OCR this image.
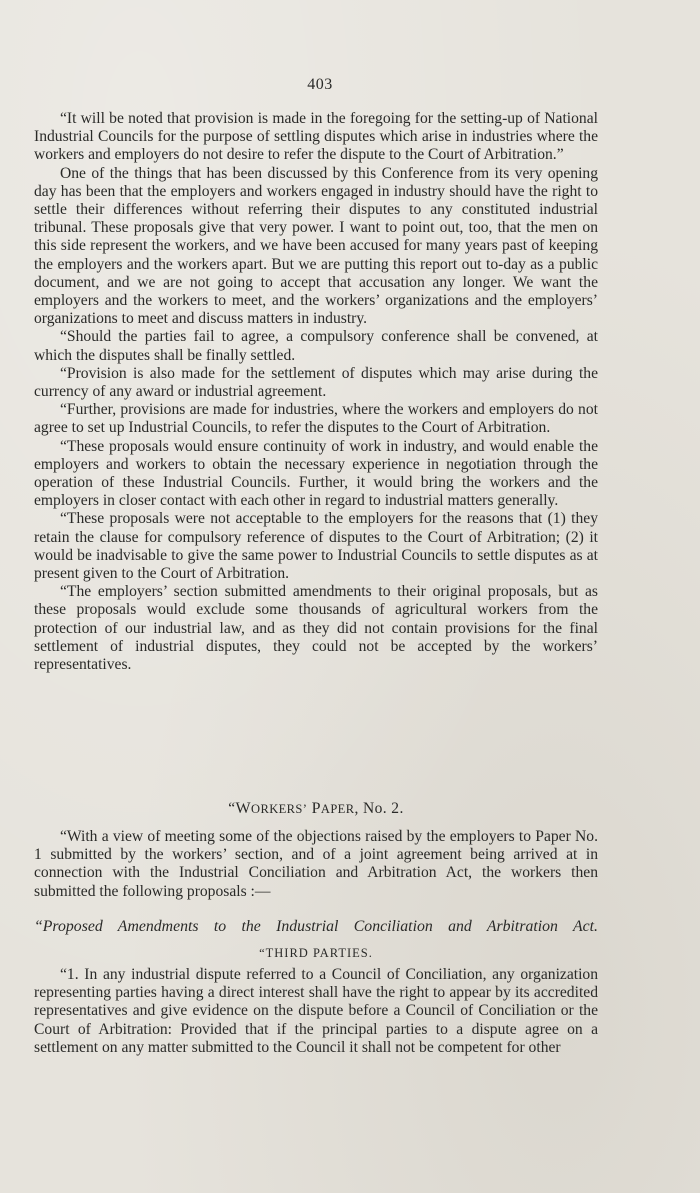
403

“It will be noted that provision is made in the foregoing for the setting-up of National Industrial Councils for the purpose of settling disputes which arise in industries where the workers and employers do not desire to refer the dispute to the Court of Arbitration.”

One of the things that has been discussed by this Conference from its very opening day has been that the employers and workers engaged in industry should have the right to settle their differences without referring their disputes to any constituted industrial tribunal. These proposals give that very power. I want to point out, too, that the men on this side represent the workers, and we have been accused for many years past of keeping the employers and the workers apart. But we are putting this report out to-day as a public document, and we are not going to accept that accusation any longer. We want the employers and the workers to meet, and the workers’ organizations and the employers’ organizations to meet and discuss matters in industry.

“Should the parties fail to agree, a compulsory conference shall be convened, at which the disputes shall be finally settled.

“Provision is also made for the settlement of disputes which may arise during the currency of any award or industrial agreement.

“Further, provisions are made for industries, where the workers and employers do not agree to set up Industrial Councils, to refer the disputes to the Court of Arbitration.

“These proposals would ensure continuity of work in industry, and would enable the employers and workers to obtain the necessary experience in negotiation through the operation of these Industrial Councils. Further, it would bring the workers and the employers in closer contact with each other in regard to industrial matters generally.

“These proposals were not acceptable to the employers for the reasons that (1) they retain the clause for compulsory reference of disputes to the Court of Arbitration; (2) it would be inadvisable to give the same power to Industrial Councils to settle disputes as at present given to the Court of Arbitration.

“The employers’ section submitted amendments to their original proposals, but as these proposals would exclude some thousands of agricultural workers from the protection of our industrial law, and as they did not contain provisions for the final settlement of industrial disputes, they could not be accepted by the workers’ representatives.

“WORKERS’ PAPER, No. 2.

“With a view of meeting some of the objections raised by the employers to Paper No. 1 submitted by the workers’ section, and of a joint agreement being arrived at in connection with the Industrial Conciliation and Arbitration Act, the workers then submitted the following proposals :—

“Proposed Amendments to the Industrial Conciliation and Arbitration Act.
“THIRD PARTIES.

“1. In any industrial dispute referred to a Council of Conciliation, any organization representing parties having a direct interest shall have the right to appear by its accredited representatives and give evidence on the dispute before a Council of Conciliation or the Court of Arbitration: Provided that if the principal parties to a dispute agree on a settlement on any matter submitted to the Council it shall not be competent for other
